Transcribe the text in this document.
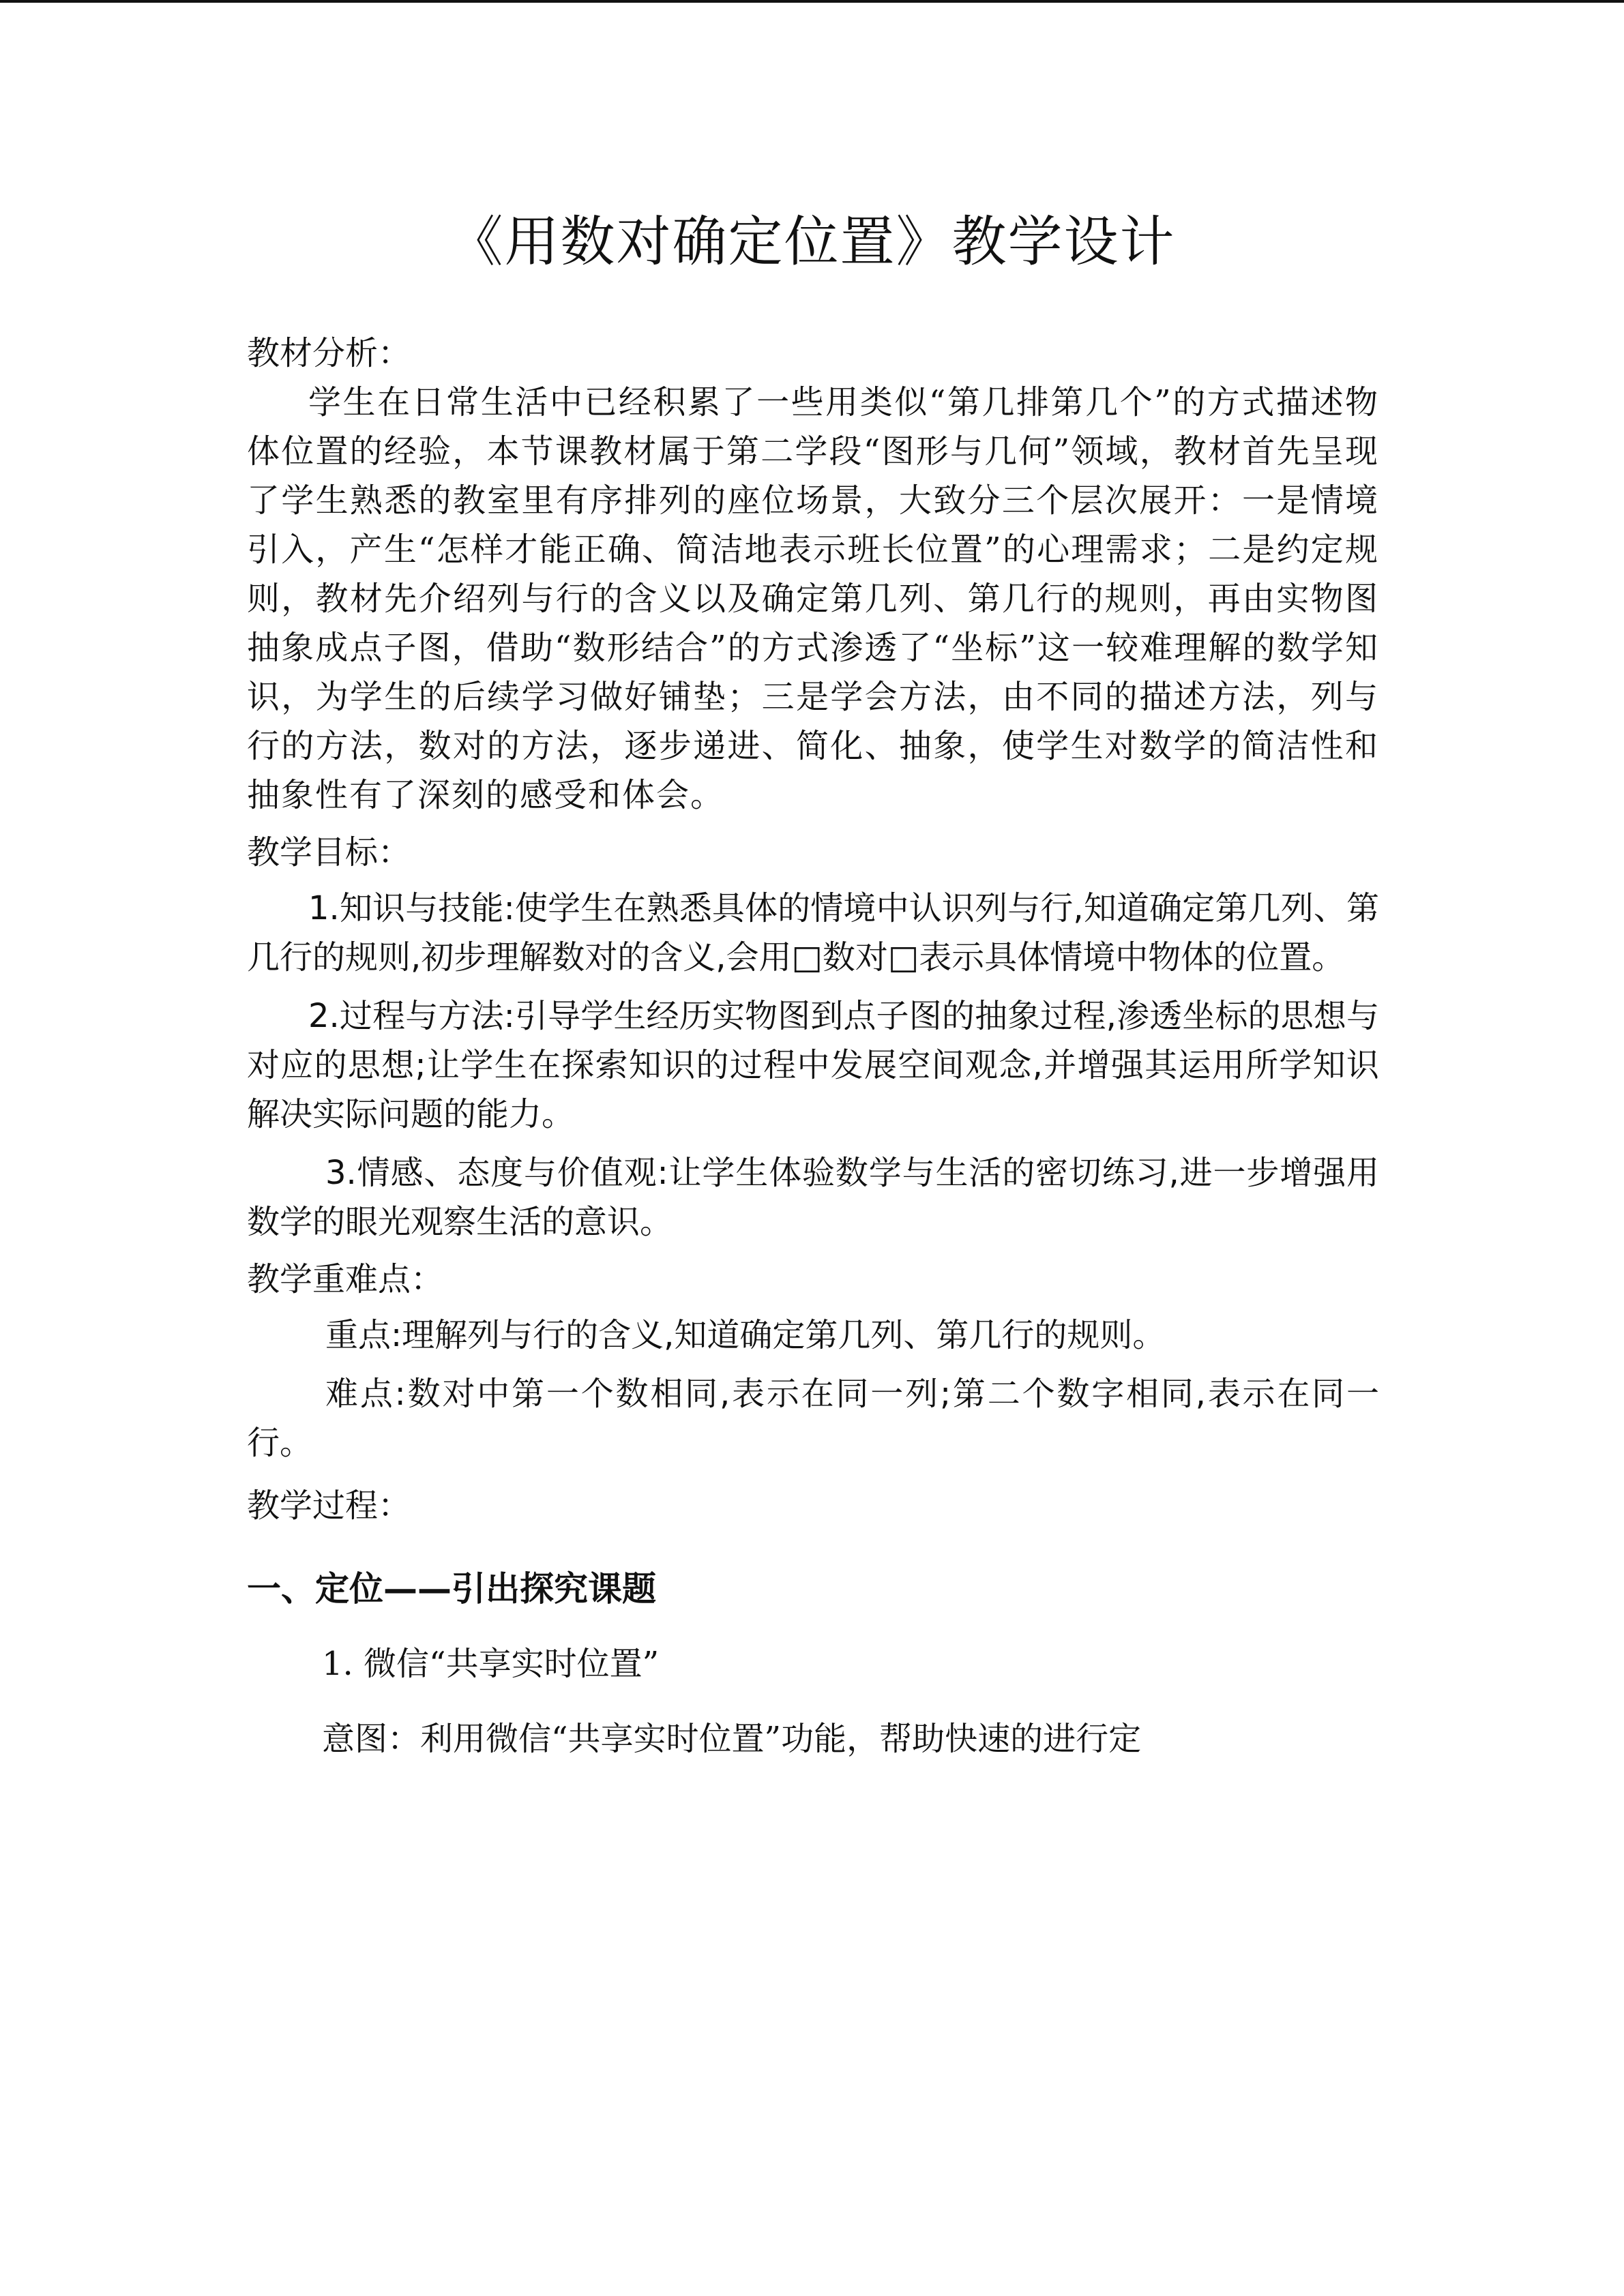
《用数对确定位置》教学设计

教材分析：

学生在日常生活中已经积累了一些用类似“第几排第几个”的方式描述物体位置的经验，本节课教材属于第二学段“图形与几何”领域，教材首先呈现了学生熟悉的教室里有序排列的座位场景，大致分三个层次展开：一是情境引入，产生“怎样才能正确、简洁地表示班长位置”的心理需求；二是约定规则，教材先介绍列与行的含义以及确定第几列、第几行的规则，再由实物图抽象成点子图，借助“数形结合”的方式渗透了“坐标”这一较难理解的数学知识，为学生的后续学习做好铺垫；三是学会方法，由不同的描述方法，列与行的方法，数对的方法，逐步递进、简化、抽象，使学生对数学的简洁性和抽象性有了深刻的感受和体会。

教学目标：

1.知识与技能:使学生在熟悉具体的情境中认识列与行,知道确定第几列、第几行的规则,初步理解数对的含义,会用□数对□表示具体情境中物体的位置。

2.过程与方法:引导学生经历实物图到点子图的抽象过程,渗透坐标的思想与对应的思想;让学生在探索知识的过程中发展空间观念,并增强其运用所学知识解决实际问题的能力。

3.情感、态度与价值观:让学生体验数学与生活的密切练习,进一步增强用数学的眼光观察生活的意识。

教学重难点：

重点:理解列与行的含义,知道确定第几列、第几行的规则。

难点:数对中第一个数相同,表示在同一列;第二个数字相同,表示在同一行。

教学过程：

一、定位——引出探究课题

1. 微信“共享实时位置”

意图：利用微信“共享实时位置”功能，帮助快速的进行定
